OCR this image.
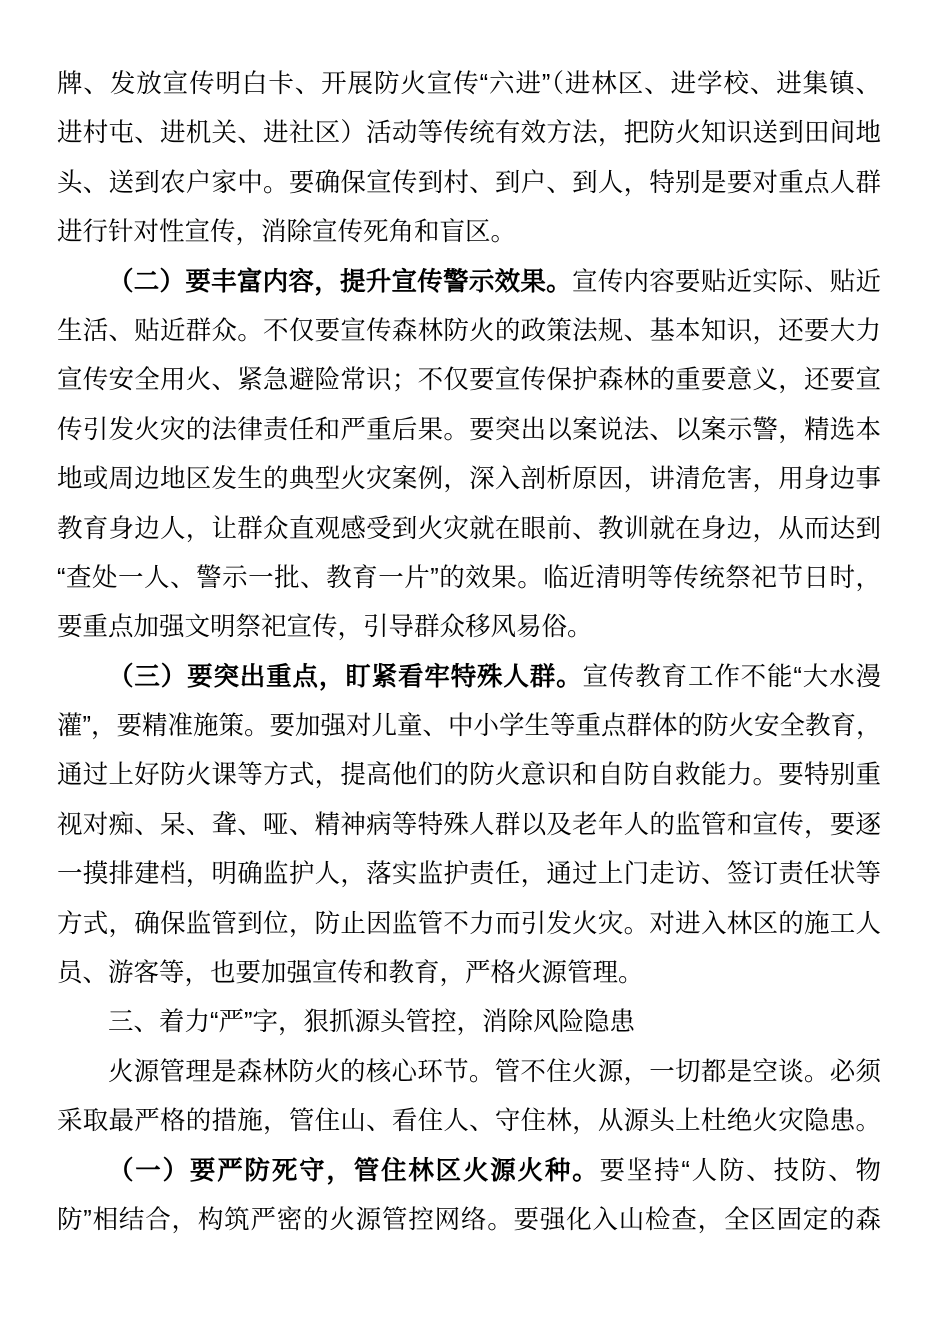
牌、发放宣传明白卡、开展防火宣传“六进”（进林区、进学校、进集镇、
进村屯、进机关、进社区）活动等传统有效方法，把防火知识送到田间地
头、送到农户家中。要确保宣传到村、到户、到人，特别是要对重点人群
进行针对性宣传，消除宣传死角和盲区。
（二）要丰富内容，提升宣传警示效果。宣传内容要贴近实际、贴近
生活、贴近群众。不仅要宣传森林防火的政策法规、基本知识，还要大力
宣传安全用火、紧急避险常识；不仅要宣传保护森林的重要意义，还要宣
传引发火灾的法律责任和严重后果。要突出以案说法、以案示警，精选本
地或周边地区发生的典型火灾案例，深入剖析原因，讲清危害，用身边事
教育身边人，让群众直观感受到火灾就在眼前、教训就在身边，从而达到
“查处一人、警示一批、教育一片”的效果。临近清明等传统祭祀节日时，
要重点加强文明祭祀宣传，引导群众移风易俗。
（三）要突出重点，盯紧看牢特殊人群。宣传教育工作不能“大水漫
灌”，要精准施策。要加强对儿童、中小学生等重点群体的防火安全教育，
通过上好防火课等方式，提高他们的防火意识和自防自救能力。要特别重
视对痴、呆、聋、哑、精神病等特殊人群以及老年人的监管和宣传，要逐
一摸排建档，明确监护人，落实监护责任，通过上门走访、签订责任状等
方式，确保监管到位，防止因监管不力而引发火灾。对进入林区的施工人
员、游客等，也要加强宣传和教育，严格火源管理。
三、着力“严”字，狠抓源头管控，消除风险隐患
火源管理是森林防火的核心环节。管不住火源，一切都是空谈。必须
采取最严格的措施，管住山、看住人、守住林，从源头上杜绝火灾隐患。
（一）要严防死守，管住林区火源火种。要坚持“人防、技防、物
防”相结合，构筑严密的火源管控网络。要强化入山检查，全区固定的森
